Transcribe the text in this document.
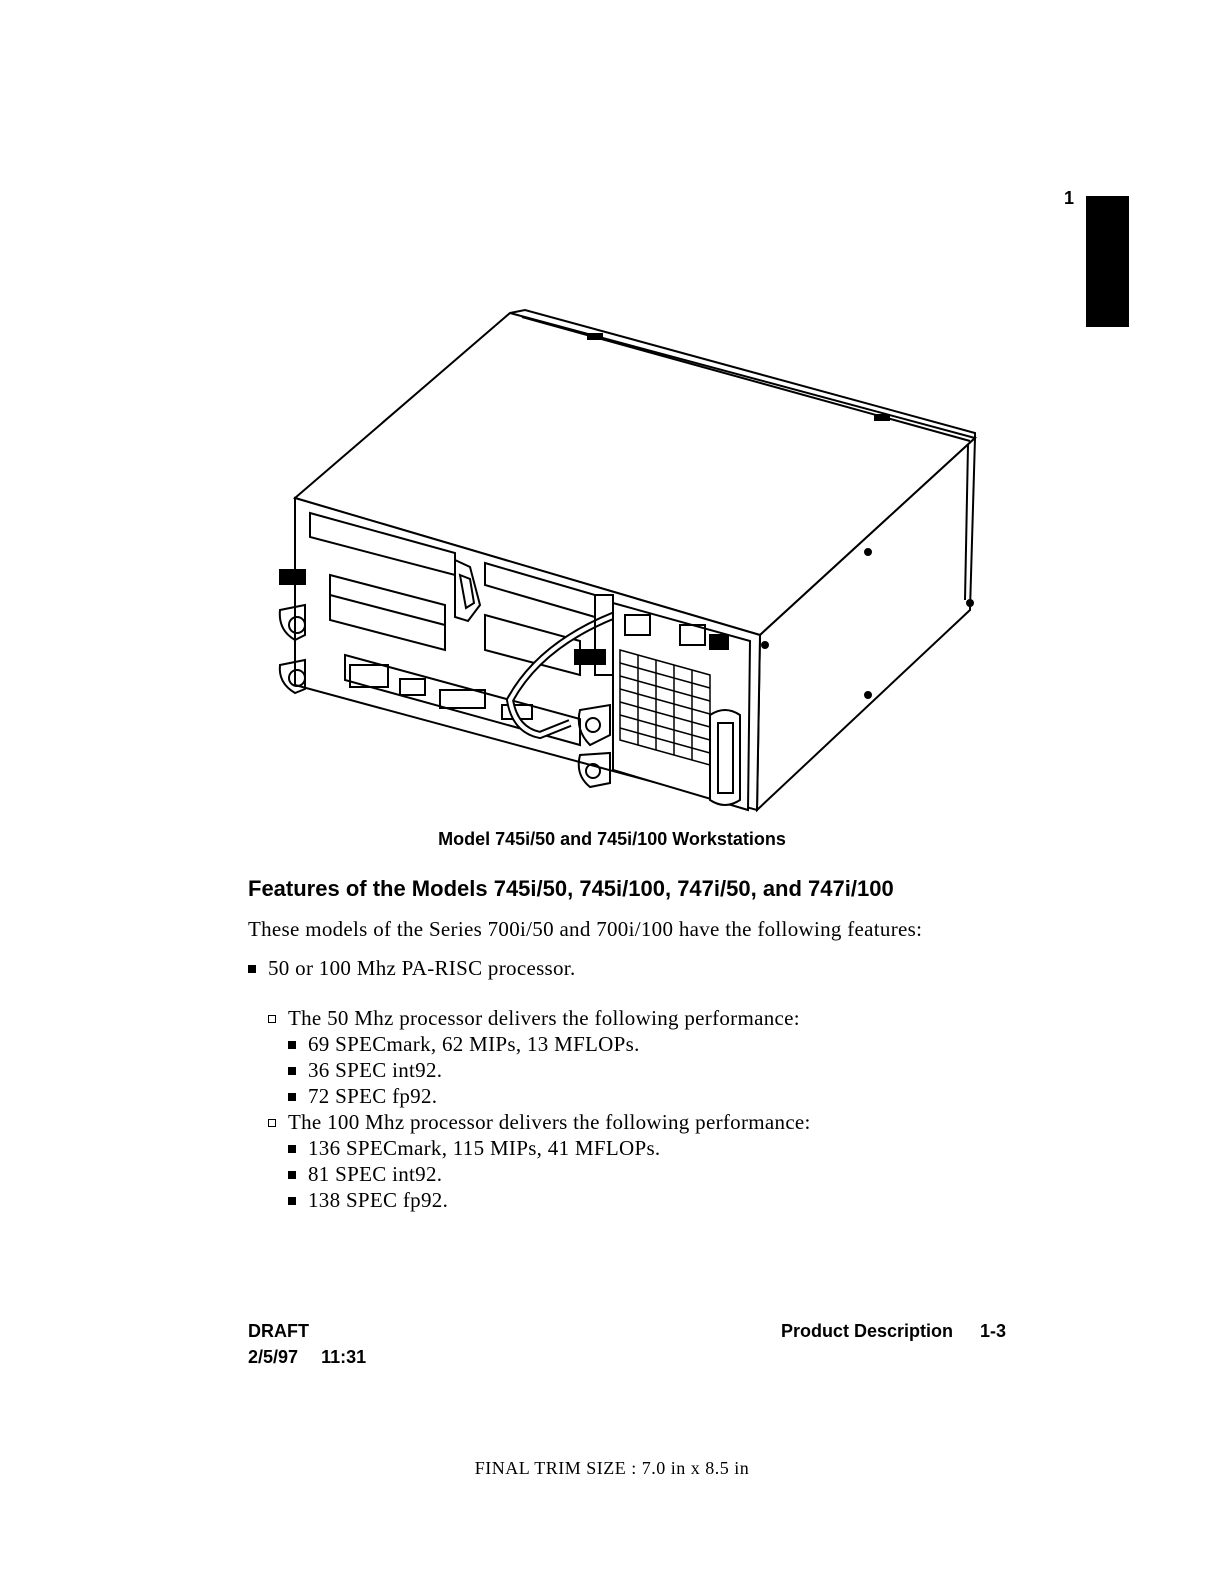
1
Model 745i/50 and 745i/100 Workstations
Features of the Models 745i/50, 745i/100, 747i/50, and 747i/100

These models of the Series 700i/50 and 700i/100 have the following features:

50 or 100 Mhz PA-RISC processor.
The 50 Mhz processor delivers the following performance:
69 SPECmark, 62 MIPs, 13 MFLOPs.
36 SPEC int92.
72 SPEC fp92.
The 100 Mhz processor delivers the following performance:
136 SPECmark, 115 MIPs, 41 MFLOPs.
81 SPEC int92.
138 SPEC fp92.
DRAFT
2/5/97 11:31
Product Description 1-3
FINAL TRIM SIZE : 7.0 in x 8.5 in
